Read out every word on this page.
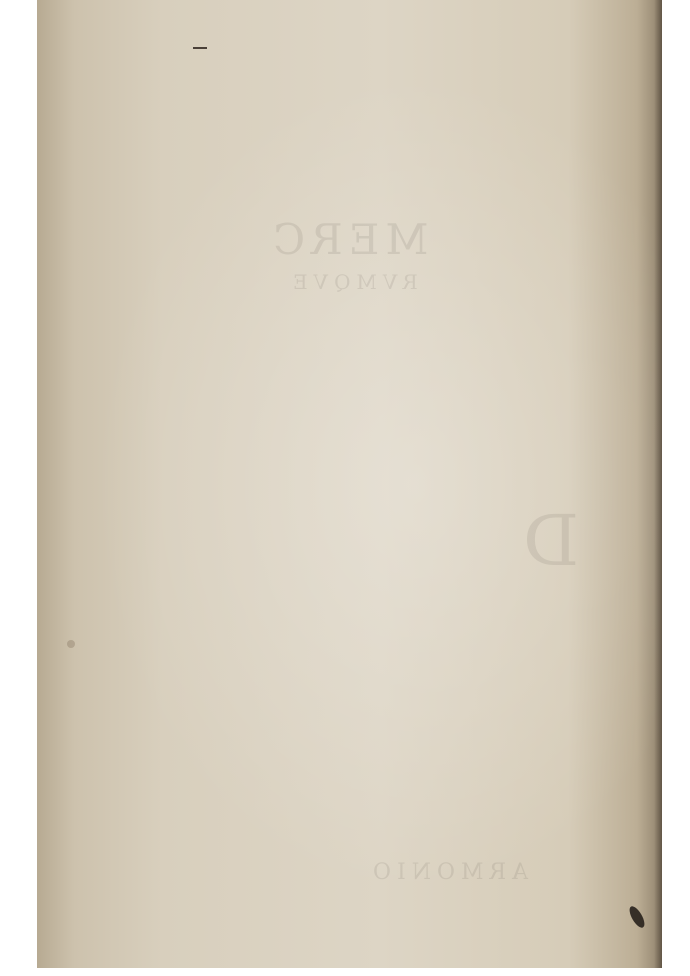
MERC
RVMQVE
D
ARMONIO
